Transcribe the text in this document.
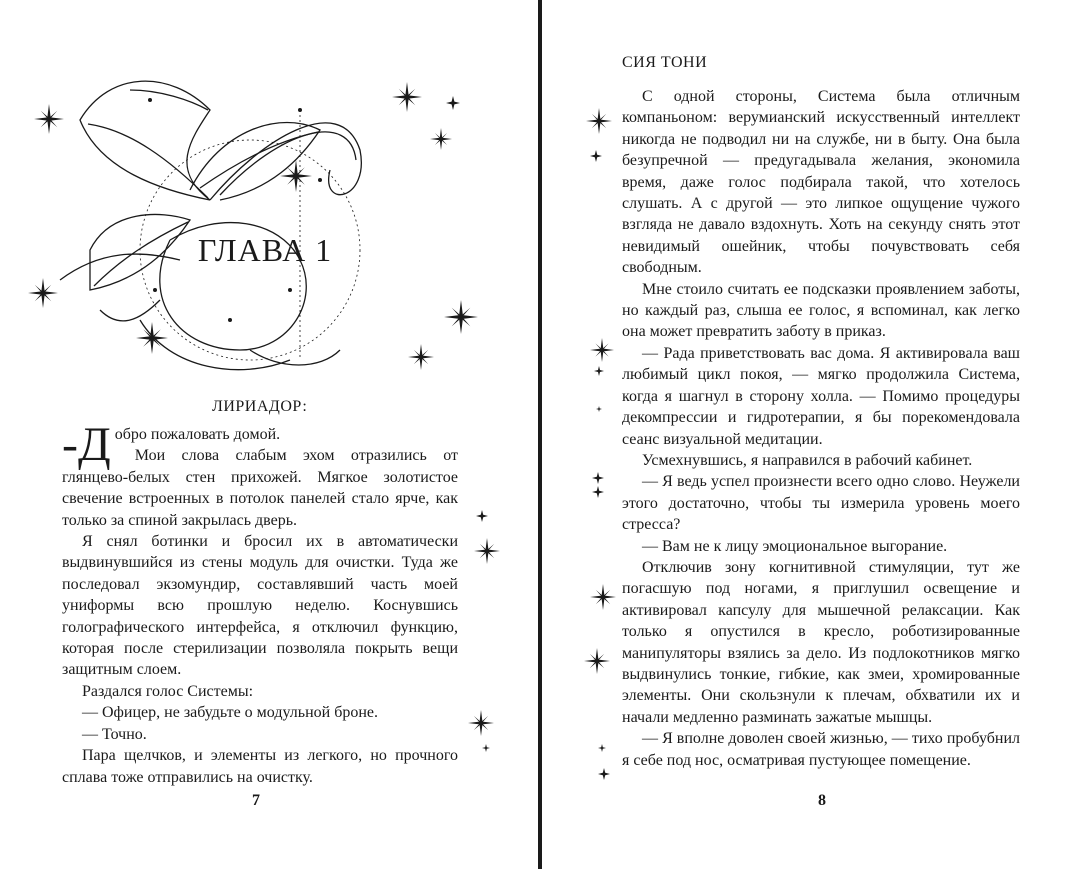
ГЛАВА 1
ЛИРИАДОР:

-Д обро пожаловать домой.

Мои слова слабым эхом отразились от глянцево-белых стен прихожей. Мягкое золотистое свечение встроенных в потолок панелей стало ярче, как только за спиной закрылась дверь.

Я снял ботинки и бросил их в автоматически выдвинувшийся из стены модуль для очистки. Туда же последовал экзомундир, составлявший часть моей униформы всю прошлую неделю. Коснувшись голографического интерфейса, я отключил функцию, которая после стерилизации позволяла покрыть вещи защитным слоем.

Раздался голос Системы:

— Офицер, не забудьте о модульной броне.

— Точно.

Пара щелчков, и элементы из легкого, но прочного сплава тоже отправились на очистку.

7
СИЯ ТОНИ

С одной стороны, Система была отличным компаньоном: верумианский искусственный интеллект никогда не подводил ни на службе, ни в быту. Она была безупречной — предугадывала желания, экономила время, даже голос подбирала такой, что хотелось слушать. А с другой — это липкое ощущение чужого взгляда не давало вздохнуть. Хоть на секунду снять этот невидимый ошейник, чтобы почувствовать себя свободным.

Мне стоило считать ее подсказки проявлением заботы, но каждый раз, слыша ее голос, я вспоминал, как легко она может превратить заботу в приказ.

— Рада приветствовать вас дома. Я активировала ваш любимый цикл покоя, — мягко продолжила Система, когда я шагнул в сторону холла. — Помимо процедуры декомпрессии и гидротерапии, я бы порекомендовала сеанс визуальной медитации.

Усмехнувшись, я направился в рабочий кабинет.

— Я ведь успел произнести всего одно слово. Неужели этого достаточно, чтобы ты измерила уровень моего стресса?

— Вам не к лицу эмоциональное выгорание.

Отключив зону когнитивной стимуляции, тут же погасшую под ногами, я приглушил освещение и активировал капсулу для мышечной релаксации. Как только я опустился в кресло, роботизированные манипуляторы взялись за дело. Из подлокотников мягко выдвинулись тонкие, гибкие, как змеи, хромированные элементы. Они скользнули к плечам, обхватили их и начали медленно разминать зажатые мышцы.

— Я вполне доволен своей жизнью, — тихо пробубнил я себе под нос, осматривая пустующее помещение.

8
